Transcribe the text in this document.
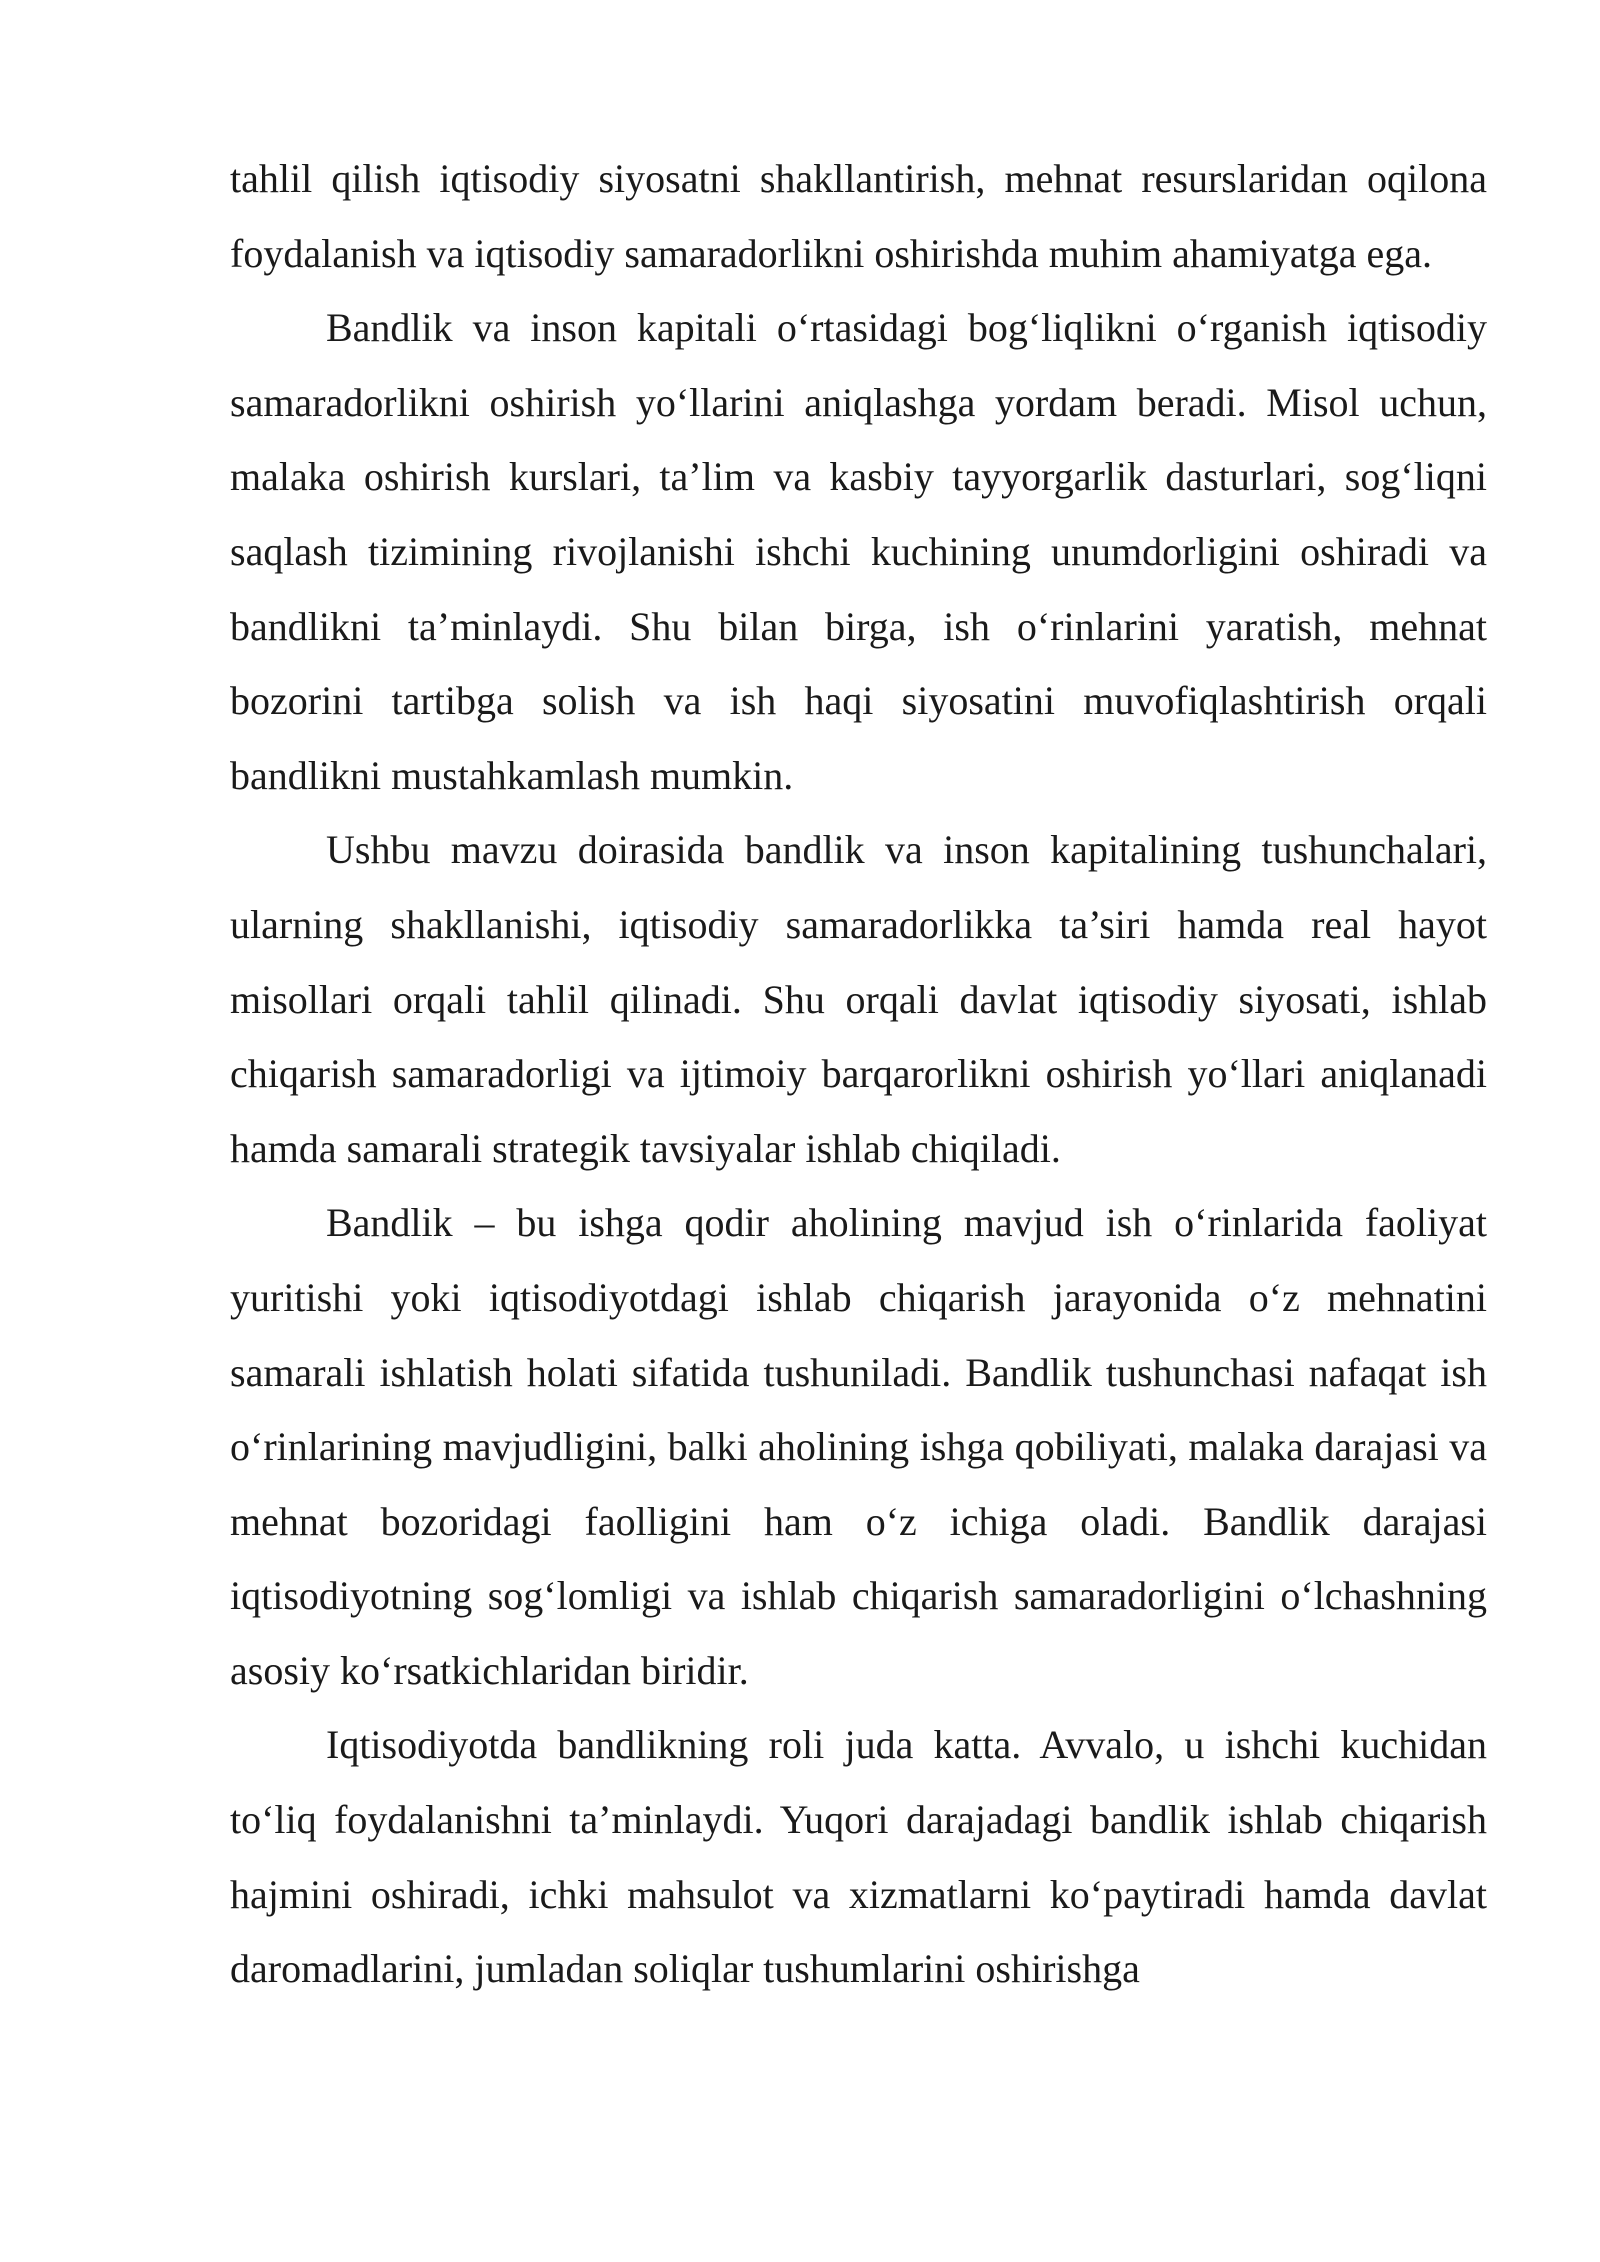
tahlil qilish iqtisodiy siyosatni shakllantirish, mehnat resurslaridan oqilona foydalanish va iqtisodiy samaradorlikni oshirishda muhim ahamiyatga ega.

Bandlik va inson kapitali o‘rtasidagi bog‘liqlikni o‘rganish iqtisodiy samaradorlikni oshirish yo‘llarini aniqlashga yordam beradi. Misol uchun, malaka oshirish kurslari, ta’lim va kasbiy tayyorgarlik dasturlari, sog‘liqni saqlash tizimining rivojlanishi ishchi kuchining unumdorligini oshiradi va bandlikni ta’minlaydi. Shu bilan birga, ish o‘rinlarini yaratish, mehnat bozorini tartibga solish va ish haqi siyosatini muvofiqlashtirish orqali bandlikni mustahkamlash mumkin.

Ushbu mavzu doirasida bandlik va inson kapitalining tushunchalari, ularning shakllanishi, iqtisodiy samaradorlikka ta’siri hamda real hayot misollari orqali tahlil qilinadi. Shu orqali davlat iqtisodiy siyosati, ishlab chiqarish samaradorligi va ijtimoiy barqarorlikni oshirish yo‘llari aniqlanadi hamda samarali strategik tavsiyalar ishlab chiqiladi.

Bandlik – bu ishga qodir aholining mavjud ish o‘rinlarida faoliyat yuritishi yoki iqtisodiyotdagi ishlab chiqarish jarayonida o‘z mehnatini samarali ishlatish holati sifatida tushuniladi. Bandlik tushunchasi nafaqat ish o‘rinlarining mavjudligini, balki aholining ishga qobiliyati, malaka darajasi va mehnat bozoridagi faolligini ham o‘z ichiga oladi. Bandlik darajasi iqtisodiyotning sog‘lomligi va ishlab chiqarish samaradorligini o‘lchashning asosiy ko‘rsatkichlaridan biridir.

Iqtisodiyotda bandlikning roli juda katta. Avvalo, u ishchi kuchidan to‘liq foydalanishni ta’minlaydi. Yuqori darajadagi bandlik ishlab chiqarish hajmini oshiradi, ichki mahsulot va xizmatlarni ko‘paytiradi hamda davlat daromadlarini, jumladan soliqlar tushumlarini oshirishga
